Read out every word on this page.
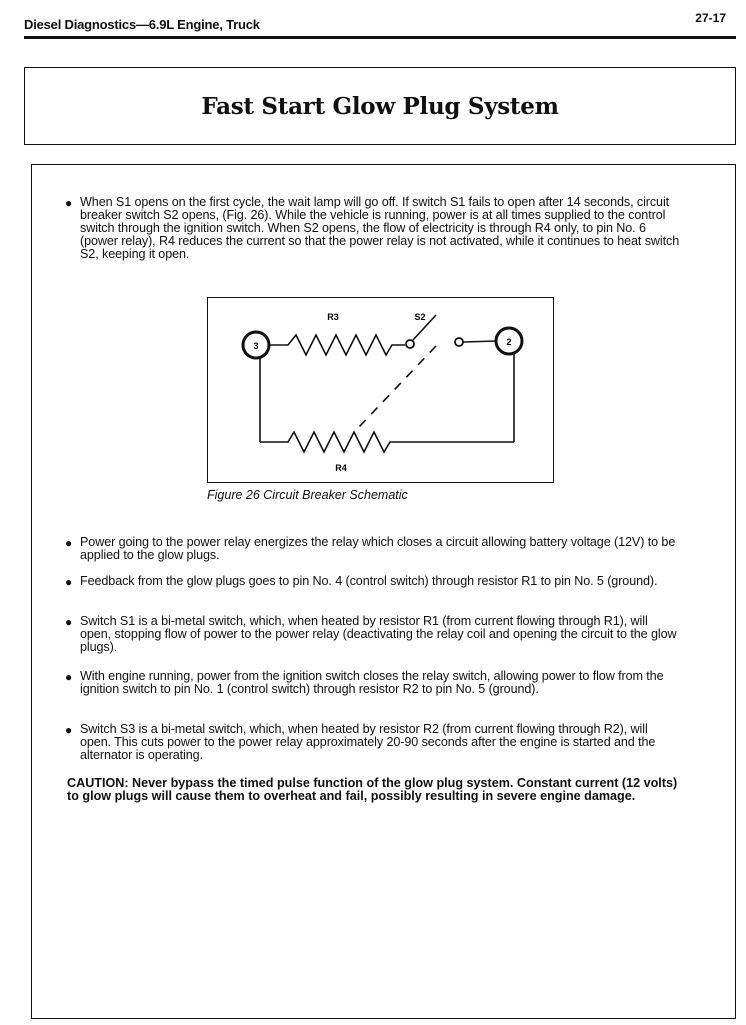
Diesel Diagnostics—6.9L Engine, Truck	27-17
Fast Start Glow Plug System
● When S1 opens on the first cycle, the wait lamp will go off. If switch S1 fails to open after 14 seconds, circuit breaker switch S2 opens, (Fig. 26). While the vehicle is running, power is at all times supplied to the control switch through the ignition switch. When S2 opens, the flow of electricity is through R4 only, to pin No. 6 (power relay), R4 reduces the current so that the power relay is not activated, while it continues to heat switch S2, keeping it open.
3	2
R3	S2
R4
Figure 26 Circuit Breaker Schematic
● Power going to the power relay energizes the relay which closes a circuit allowing battery voltage (12V) to be applied to the glow plugs.
● Feedback from the glow plugs goes to pin No. 4 (control switch) through resistor R1 to pin No. 5 (ground).
● Switch S1 is a bi-metal switch, which, when heated by resistor R1 (from current flowing through R1), will open, stopping flow of power to the power relay (deactivating the relay coil and opening the circuit to the glow plugs).
● With engine running, power from the ignition switch closes the relay switch, allowing power to flow from the ignition switch to pin No. 1 (control switch) through resistor R2 to pin No. 5 (ground).
● Switch S3 is a bi-metal switch, which, when heated by resistor R2 (from current flowing through R2), will open. This cuts power to the power relay approximately 20-90 seconds after the engine is started and the alternator is operating.
CAUTION: Never bypass the timed pulse function of the glow plug system. Constant current (12 volts) to glow plugs will cause them to overheat and fail, possibly resulting in severe engine damage.
